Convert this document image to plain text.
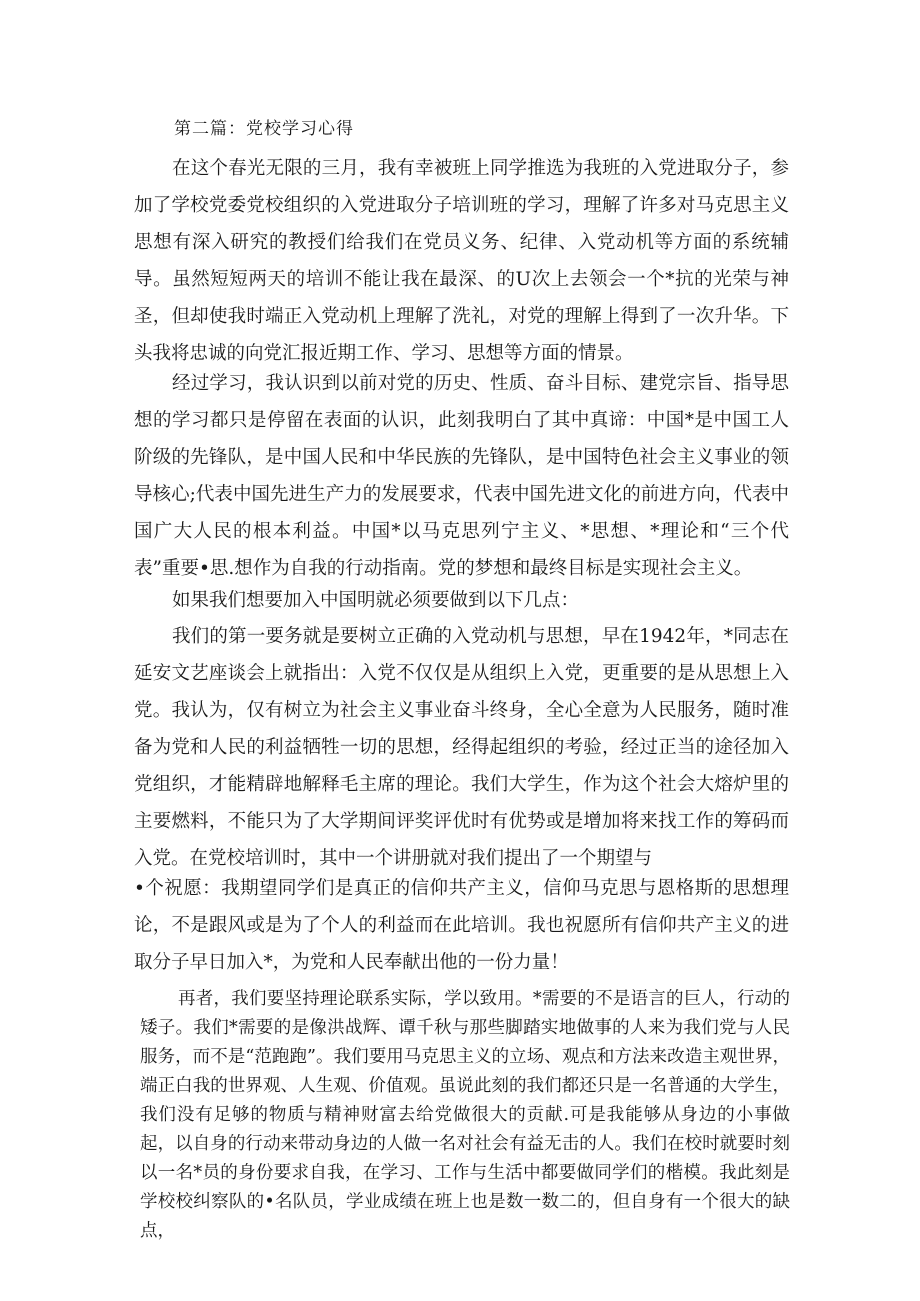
第二篇：党校学习心得

在这个春光无限的三月，我有幸被班上同学推选为我班的入党进取分子，参加了学校党委党校组织的入党进取分子培训班的学习，理解了许多对马克思主义思想有深入研究的教授们给我们在党员义务、纪律、入党动机等方面的系统辅导。虽然短短两天的培训不能让我在最深、的U次上去领会一个*抗的光荣与神圣，但却使我时端正入党动机上理解了洗礼，对党的理解上得到了一次升华。下头我将忠诚的向党汇报近期工作、学习、思想等方面的情景。

经过学习，我认识到以前对党的历史、性质、奋斗目标、建党宗旨、指导思想的学习都只是停留在表面的认识，此刻我明白了其中真谛：中国*是中国工人阶级的先锋队，是中国人民和中华民族的先锋队，是中国特色社会主义事业的领导核心;代表中国先进生产力的发展要求，代表中国先进文化的前进方向，代表中国广大人民的根本利益。中国*以马克思列宁主义、*思想、*理论和“三个代表”重要•思.想作为自我的行动指南。党的梦想和最终目标是实现社会主义。

如果我们想要加入中国明就必须要做到以下几点：

我们的第一要务就是要树立正确的入党动机与思想，早在1942年，*同志在延安文艺座谈会上就指出：入党不仅仅是从组织上入党，更重要的是从思想上入党。我认为，仅有树立为社会主义事业奋斗终身，全心全意为人民服务，随时准备为党和人民的利益牺牲一切的思想，经得起组织的考验，经过正当的途径加入党组织，才能精辟地解释毛主席的理论。我们大学生，作为这个社会大熔炉里的主要燃料，不能只为了大学期间评奖评优时有优势或是增加将来找工作的筹码而入党。在党校培训时，其中一个讲册就对我们提出了一个期望与

•个祝愿：我期望同学们是真正的信仰共产主义，信仰马克思与恩格斯的思想理论，不是跟风或是为了个人的利益而在此培训。我也祝愿所有信仰共产主义的进取分子早日加入*，为党和人民奉献出他的一份力量！

再者，我们要坚持理论联系实际，学以致用。*需要的不是语言的巨人，行动的矮子。我们*需要的是像洪战辉、谭千秋与那些脚踏实地做事的人来为我们党与人民服务，而不是“范跑跑”。我们要用马克思主义的立场、观点和方法来改造主观世界，端正白我的世界观、人生观、价值观。虽说此刻的我们都还只是一名普通的大学生，我们没有足够的物质与精神财富去给党做很大的贡献.可是我能够从身边的小事做起，以自身的行动来带动身边的人做一名对社会有益无击的人。我们在校时就要时刻以一名*员的身份要求自我，在学习、工作与生活中都要做同学们的楷模。我此刻是学校校纠察队的•名队员，学业成绩在班上也是数一数二的，但自身有一个很大的缺点，
